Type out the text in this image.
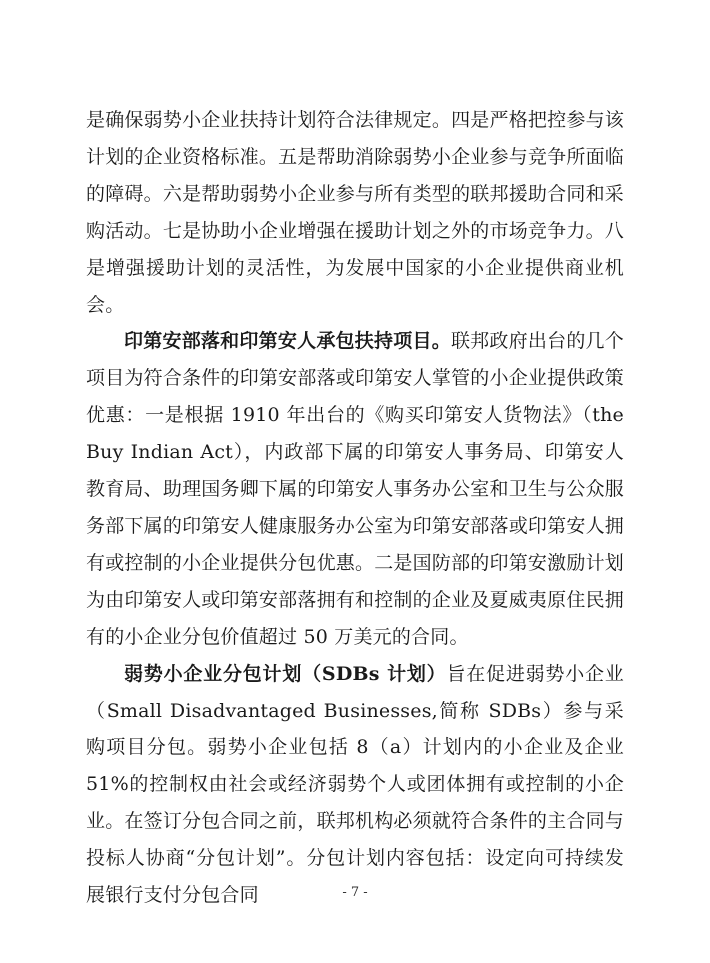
是确保弱势小企业扶持计划符合法律规定。四是严格把控参与该计划的企业资格标准。五是帮助消除弱势小企业参与竞争所面临的障碍。六是帮助弱势小企业参与所有类型的联邦援助合同和采购活动。七是协助小企业增强在援助计划之外的市场竞争力。八是增强援助计划的灵活性，为发展中国家的小企业提供商业机会。

印第安部落和印第安人承包扶持项目。联邦政府出台的几个项目为符合条件的印第安部落或印第安人掌管的小企业提供政策优惠：一是根据 1910 年出台的《购买印第安人货物法》（the Buy Indian Act），内政部下属的印第安人事务局、印第安人教育局、助理国务卿下属的印第安人事务办公室和卫生与公众服务部下属的印第安人健康服务办公室为印第安部落或印第安人拥有或控制的小企业提供分包优惠。二是国防部的印第安激励计划为由印第安人或印第安部落拥有和控制的企业及夏威夷原住民拥有的小企业分包价值超过 50 万美元的合同。

弱势小企业分包计划（SDBs 计划）旨在促进弱势小企业（Small Disadvantaged Businesses,简称 SDBs）参与采购项目分包。弱势小企业包括 8（a）计划内的小企业及企业 51%的控制权由社会或经济弱势个人或团体拥有或控制的小企业。在签订分包合同之前，联邦机构必须就符合条件的主合同与投标人协商“分包计划”。分包计划内容包括：设定向可持续发展银行支付分包合同	- 7 -
